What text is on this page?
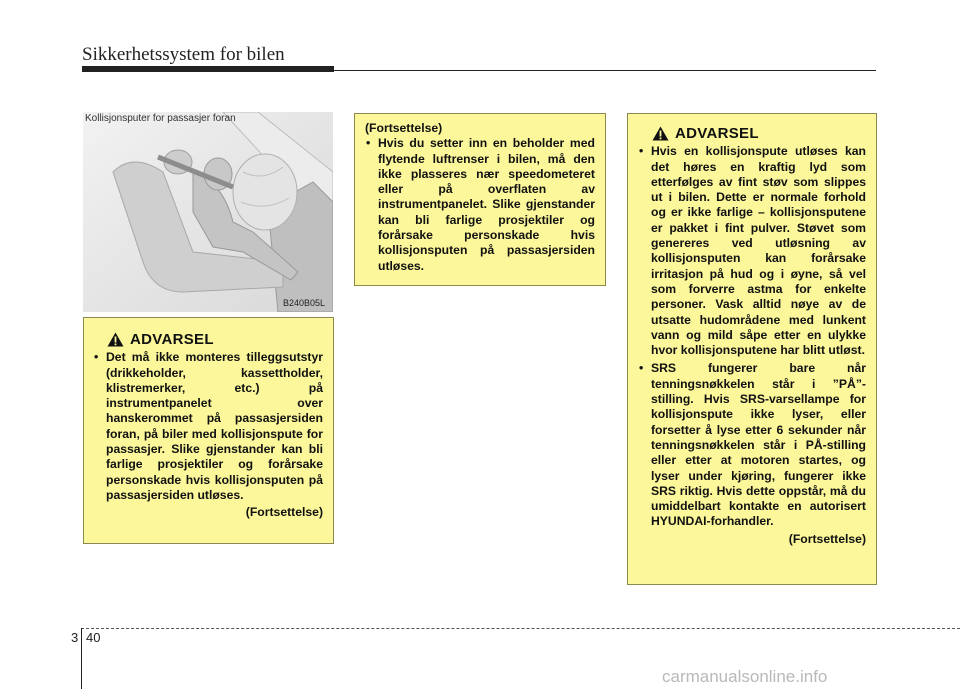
Sikkerhetssystem for bilen
Kollisjonsputer for passasjer foran
B240B05L
ADVARSEL
• Det må ikke monteres tilleggsutstyr (drikkeholder, kassettholder, klistremerker, etc.) på instrumentpanelet over hanskerommet på passasjersiden foran, på biler med kollisjonspute for passasjer. Slike gjenstander kan bli farlige prosjektiler og forårsake personskade hvis kollisjonsputen på passasjersiden utløses.
(Fortsettelse)
(Fortsettelse)
• Hvis du setter inn en beholder med flytende luftrenser i bilen, må den ikke plasseres nær speedometeret eller på overflaten av instrumentpanelet. Slike gjenstander kan bli farlige prosjektiler og forårsake personskade hvis kollisjonsputen på passasjersiden utløses.
ADVARSEL
• Hvis en kollisjonspute utløses kan det høres en kraftig lyd som etterfølges av fint støv som slippes ut i bilen. Dette er normale forhold og er ikke farlige – kollisjonsputene er pakket i fint pulver. Støvet som genereres ved utløsning av kollisjonsputen kan forårsake irritasjon på hud og i øyne, så vel som forverre astma for enkelte personer. Vask alltid nøye av de utsatte hudområdene med lunkent vann og mild såpe etter en ulykke hvor kollisjonsputene har blitt utløst.
• SRS fungerer bare når tenningsnøkkelen står i ”PÅ”-stilling. Hvis SRS-varsellampe for kollisjonspute ikke lyser, eller forsetter å lyse etter 6 sekunder når tenningsnøkkelen står i PÅ-stilling eller etter at motoren startes, og lyser under kjøring, fungerer ikke SRS riktig. Hvis dette oppstår, må du umiddelbart kontakte en autorisert HYUNDAI-forhandler.
(Fortsettelse)
3 40
carmanualsonline.info
